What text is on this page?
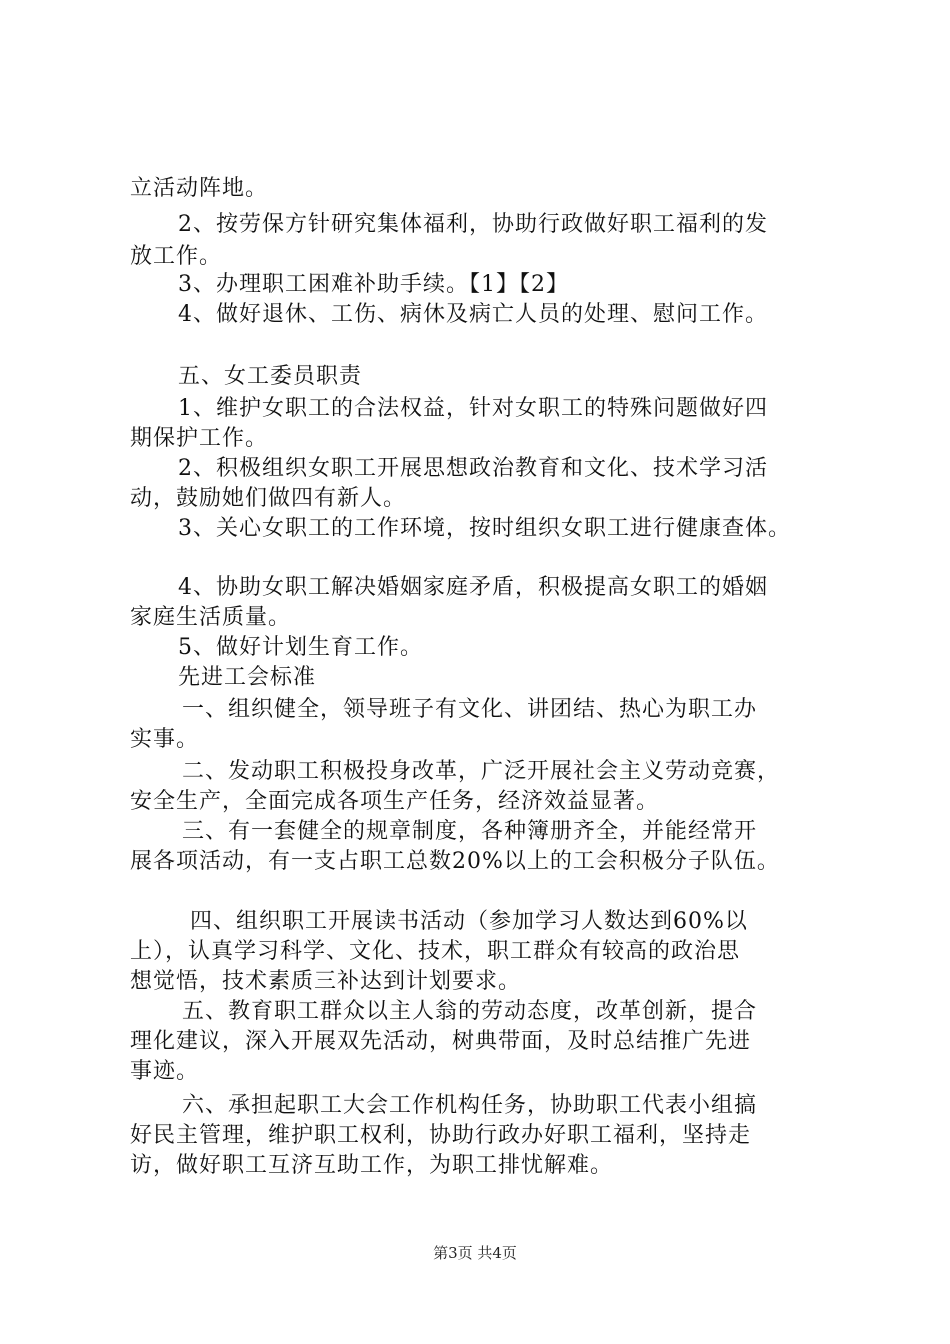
立活动阵地。
2、按劳保方针研究集体福利，协助行政做好职工福利的发
放工作。
3、办理职工困难补助手续。【1】【2】
4、做好退休、工伤、病休及病亡人员的处理、慰问工作。
五、女工委员职责
1、维护女职工的合法权益，针对女职工的特殊问题做好四
期保护工作。
2、积极组织女职工开展思想政治教育和文化、技术学习活
动，鼓励她们做四有新人。
3、关心女职工的工作环境，按时组织女职工进行健康查体。
4、协助女职工解决婚姻家庭矛盾，积极提高女职工的婚姻
家庭生活质量。
5、做好计划生育工作。
先进工会标准
一、组织健全，领导班子有文化、讲团结、热心为职工办
实事。
二、发动职工积极投身改革，广泛开展社会主义劳动竞赛，
安全生产，全面完成各项生产任务，经济效益显著。
三、有一套健全的规章制度，各种簿册齐全，并能经常开
展各项活动，有一支占职工总数20%以上的工会积极分子队伍。
四、组织职工开展读书活动（参加学习人数达到60%以
上），认真学习科学、文化、技术，职工群众有较高的政治思
想觉悟，技术素质三补达到计划要求。
五、教育职工群众以主人翁的劳动态度，改革创新，提合
理化建议，深入开展双先活动，树典带面，及时总结推广先进
事迹。
六、承担起职工大会工作机构任务，协助职工代表小组搞
好民主管理，维护职工权利，协助行政办好职工福利，坚持走
访，做好职工互济互助工作，为职工排忧解难。
第3页 共4页
